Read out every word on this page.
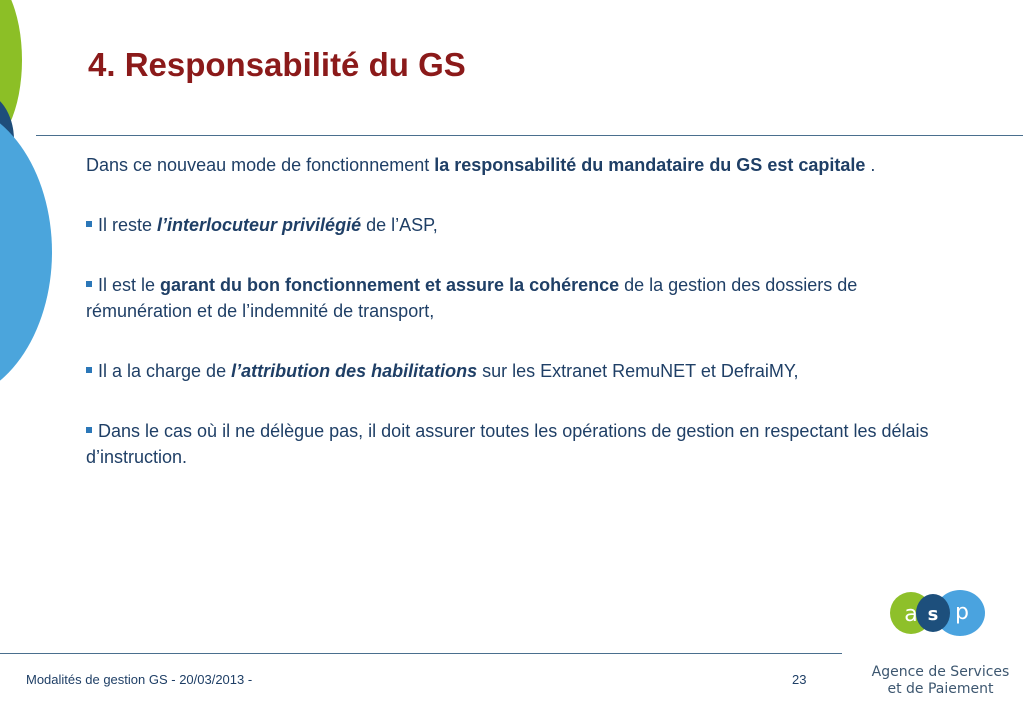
4. Responsabilité du GS

Dans ce nouveau mode de fonctionnement la responsabilité du mandataire du GS est capitale .

Il reste l’interlocuteur privilégié de l’ASP,

Il est le garant du bon fonctionnement et assure la cohérence de la gestion des dossiers de rémunération et de l’indemnité de transport,

Il a la charge de l’attribution des habilitations sur les Extranet RemuNET et DefraiMY,

Dans le cas où il ne délègue pas, il doit assurer toutes les opérations de gestion en respectant les délais d’instruction.

Modalités de gestion GS - 20/03/2013 -	23
a s p
Agence de Services
et de Paiement
